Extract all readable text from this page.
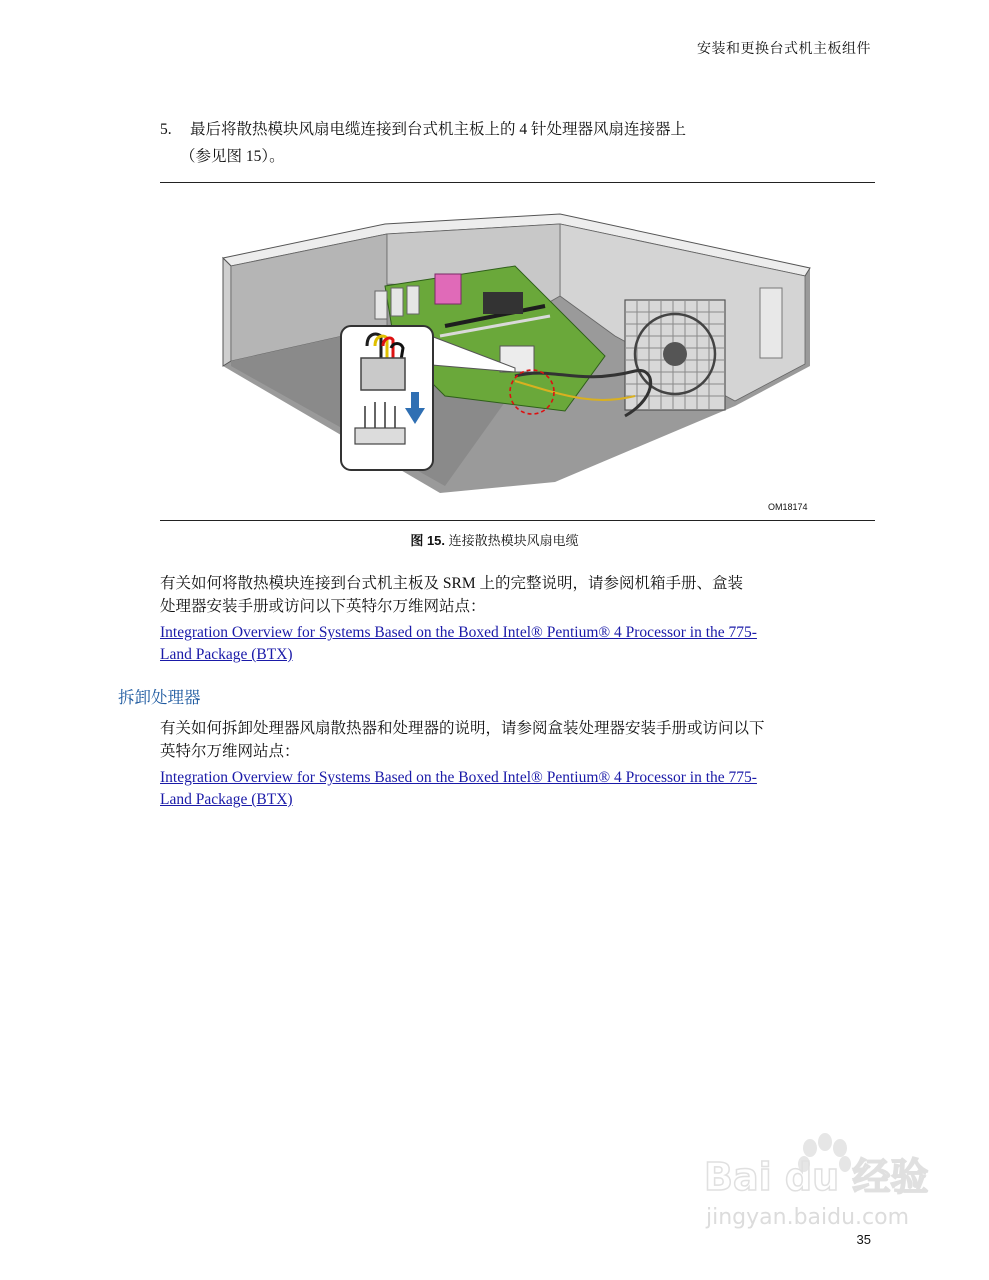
安装和更换台式机主板组件
5. 最后将散热模块风扇电缆连接到台式机主板上的 4 针处理器风扇连接器上
（参见图 15）。
OM18174
图 15. 连接散热模块风扇电缆
有关如何将散热模块连接到台式机主板及 SRM 上的完整说明，请参阅机箱手册、盒装
处理器安装手册或访问以下英特尔万维网站点：
Integration Overview for Systems Based on the Boxed Intel® Pentium® 4 Processor in the 775-
Land Package (BTX)
拆卸处理器
有关如何拆卸处理器风扇散热器和处理器的说明，请参阅盒装处理器安装手册或访问以下
英特尔万维网站点：
Integration Overview for Systems Based on the Boxed Intel® Pentium® 4 Processor in the 775-
Land Package (BTX)
Bai du 经验
jingyan.baidu.com
35
